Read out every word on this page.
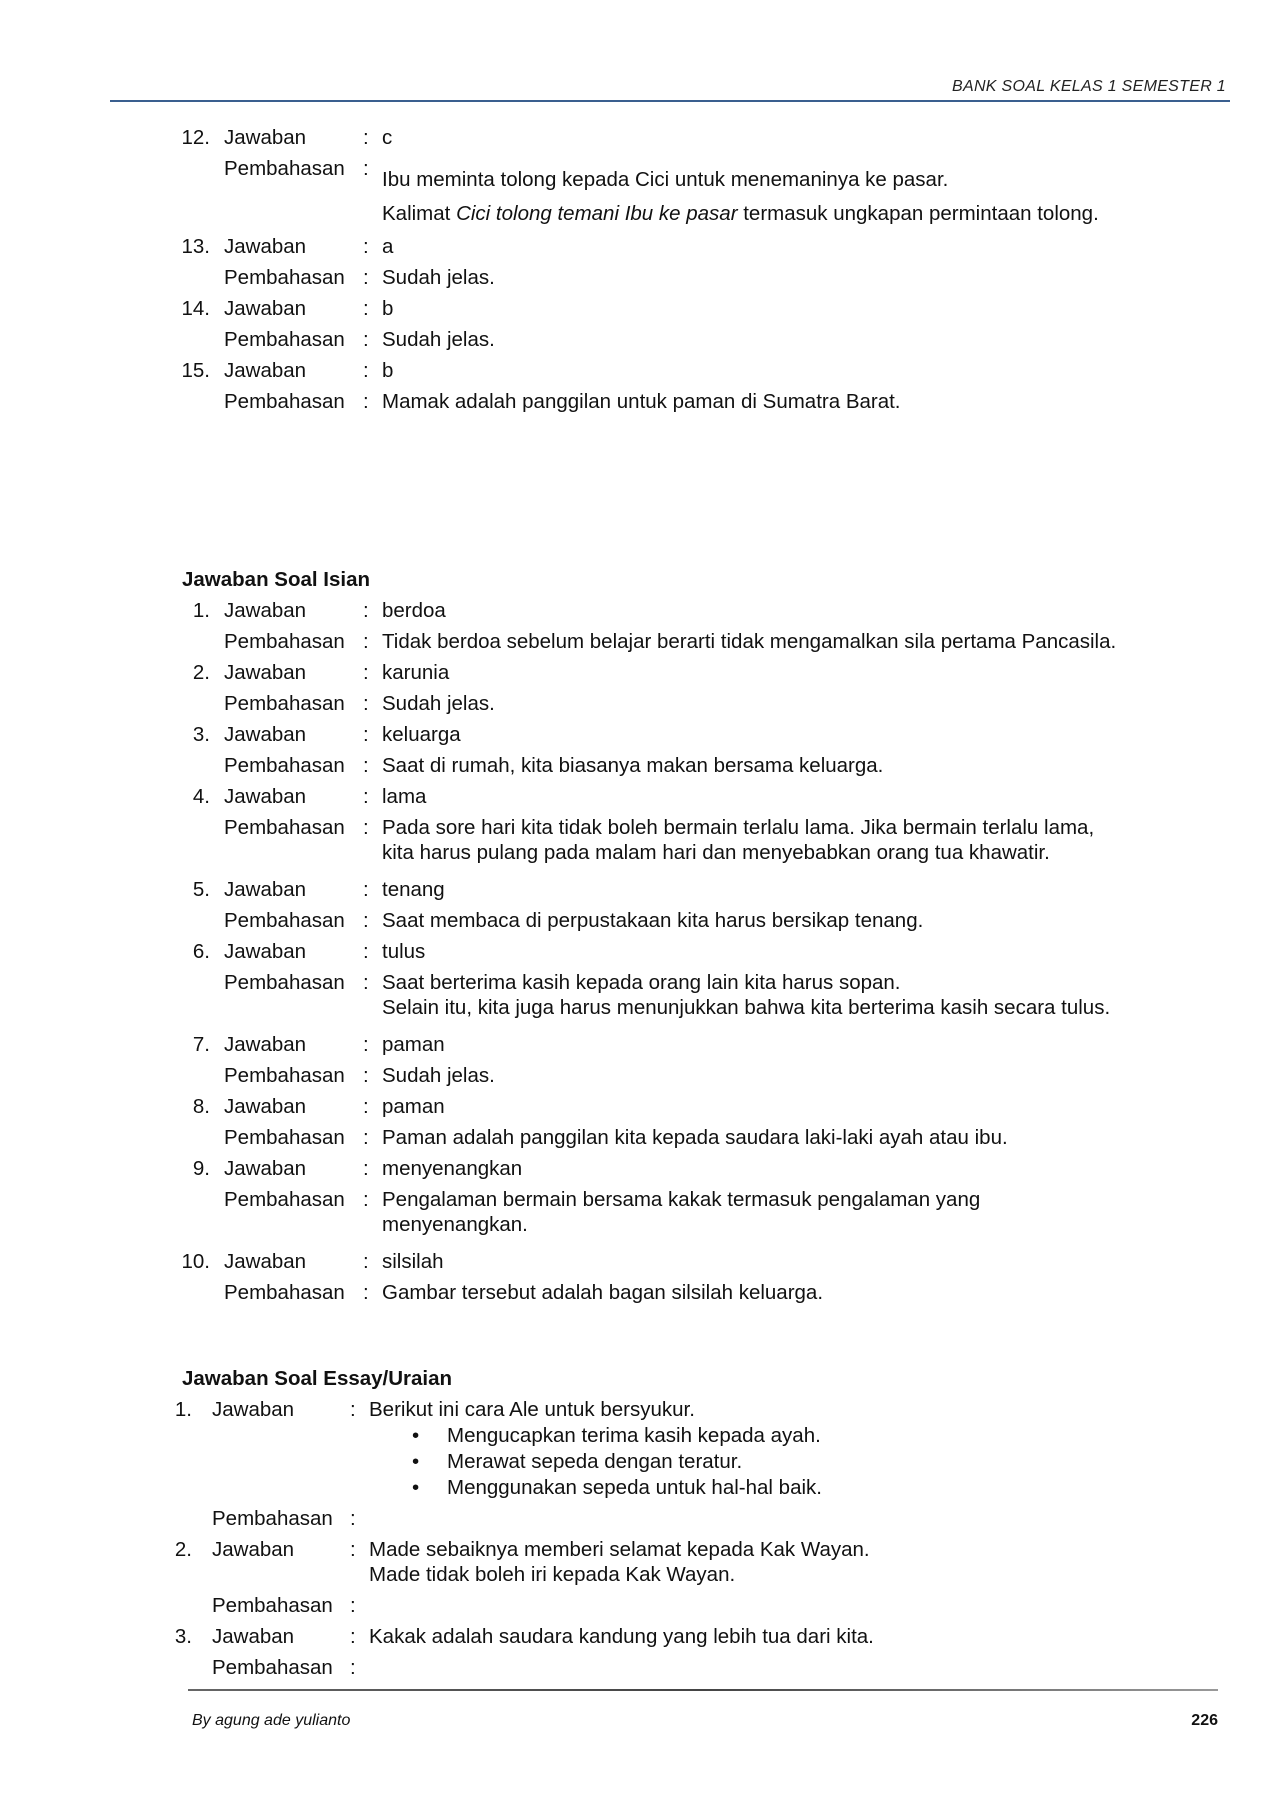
BANK SOAL KELAS 1 SEMESTER 1
12. Jawaban	: c
Pembahasan : Ibu meminta tolong kepada Cici untuk menemaninya ke pasar.
Kalimat Cici tolong temani Ibu ke pasar termasuk ungkapan permintaan tolong.
13. Jawaban	: a
Pembahasan : Sudah jelas.
14. Jawaban	: b
Pembahasan : Sudah jelas.
15. Jawaban	: b
Pembahasan : Mamak adalah panggilan untuk paman di Sumatra Barat.
Jawaban Soal Isian
1. Jawaban	: berdoa
Pembahasan : Tidak berdoa sebelum belajar berarti tidak mengamalkan sila pertama Pancasila.
2. Jawaban	: karunia
Pembahasan : Sudah jelas.
3. Jawaban	: keluarga
Pembahasan : Saat di rumah, kita biasanya makan bersama keluarga.
4. Jawaban	: lama
Pembahasan : Pada sore hari kita tidak boleh bermain terlalu lama. Jika bermain terlalu lama,
kita harus pulang pada malam hari dan menyebabkan orang tua khawatir.
5. Jawaban	: tenang
Pembahasan : Saat membaca di perpustakaan kita harus bersikap tenang.
6. Jawaban	: tulus
Pembahasan : Saat berterima kasih kepada orang lain kita harus sopan.
Selain itu, kita juga harus menunjukkan bahwa kita berterima kasih secara tulus.
7. Jawaban	: paman
Pembahasan : Sudah jelas.
8. Jawaban	: paman
Pembahasan : Paman adalah panggilan kita kepada saudara laki-laki ayah atau ibu.
9. Jawaban	: menyenangkan
Pembahasan : Pengalaman bermain bersama kakak termasuk pengalaman yang
menyenangkan.
10. Jawaban	: silsilah
Pembahasan : Gambar tersebut adalah bagan silsilah keluarga.
Jawaban Soal Essay/Uraian
1. Jawaban	: Berikut ini cara Ale untuk bersyukur.
• Mengucapkan terima kasih kepada ayah.
• Merawat sepeda dengan teratur.
• Menggunakan sepeda untuk hal-hal baik.
Pembahasan :
2. Jawaban	: Made sebaiknya memberi selamat kepada Kak Wayan.
Made tidak boleh iri kepada Kak Wayan.
Pembahasan :
3. Jawaban	: Kakak adalah saudara kandung yang lebih tua dari kita.
Pembahasan :
By agung ade yulianto	226
